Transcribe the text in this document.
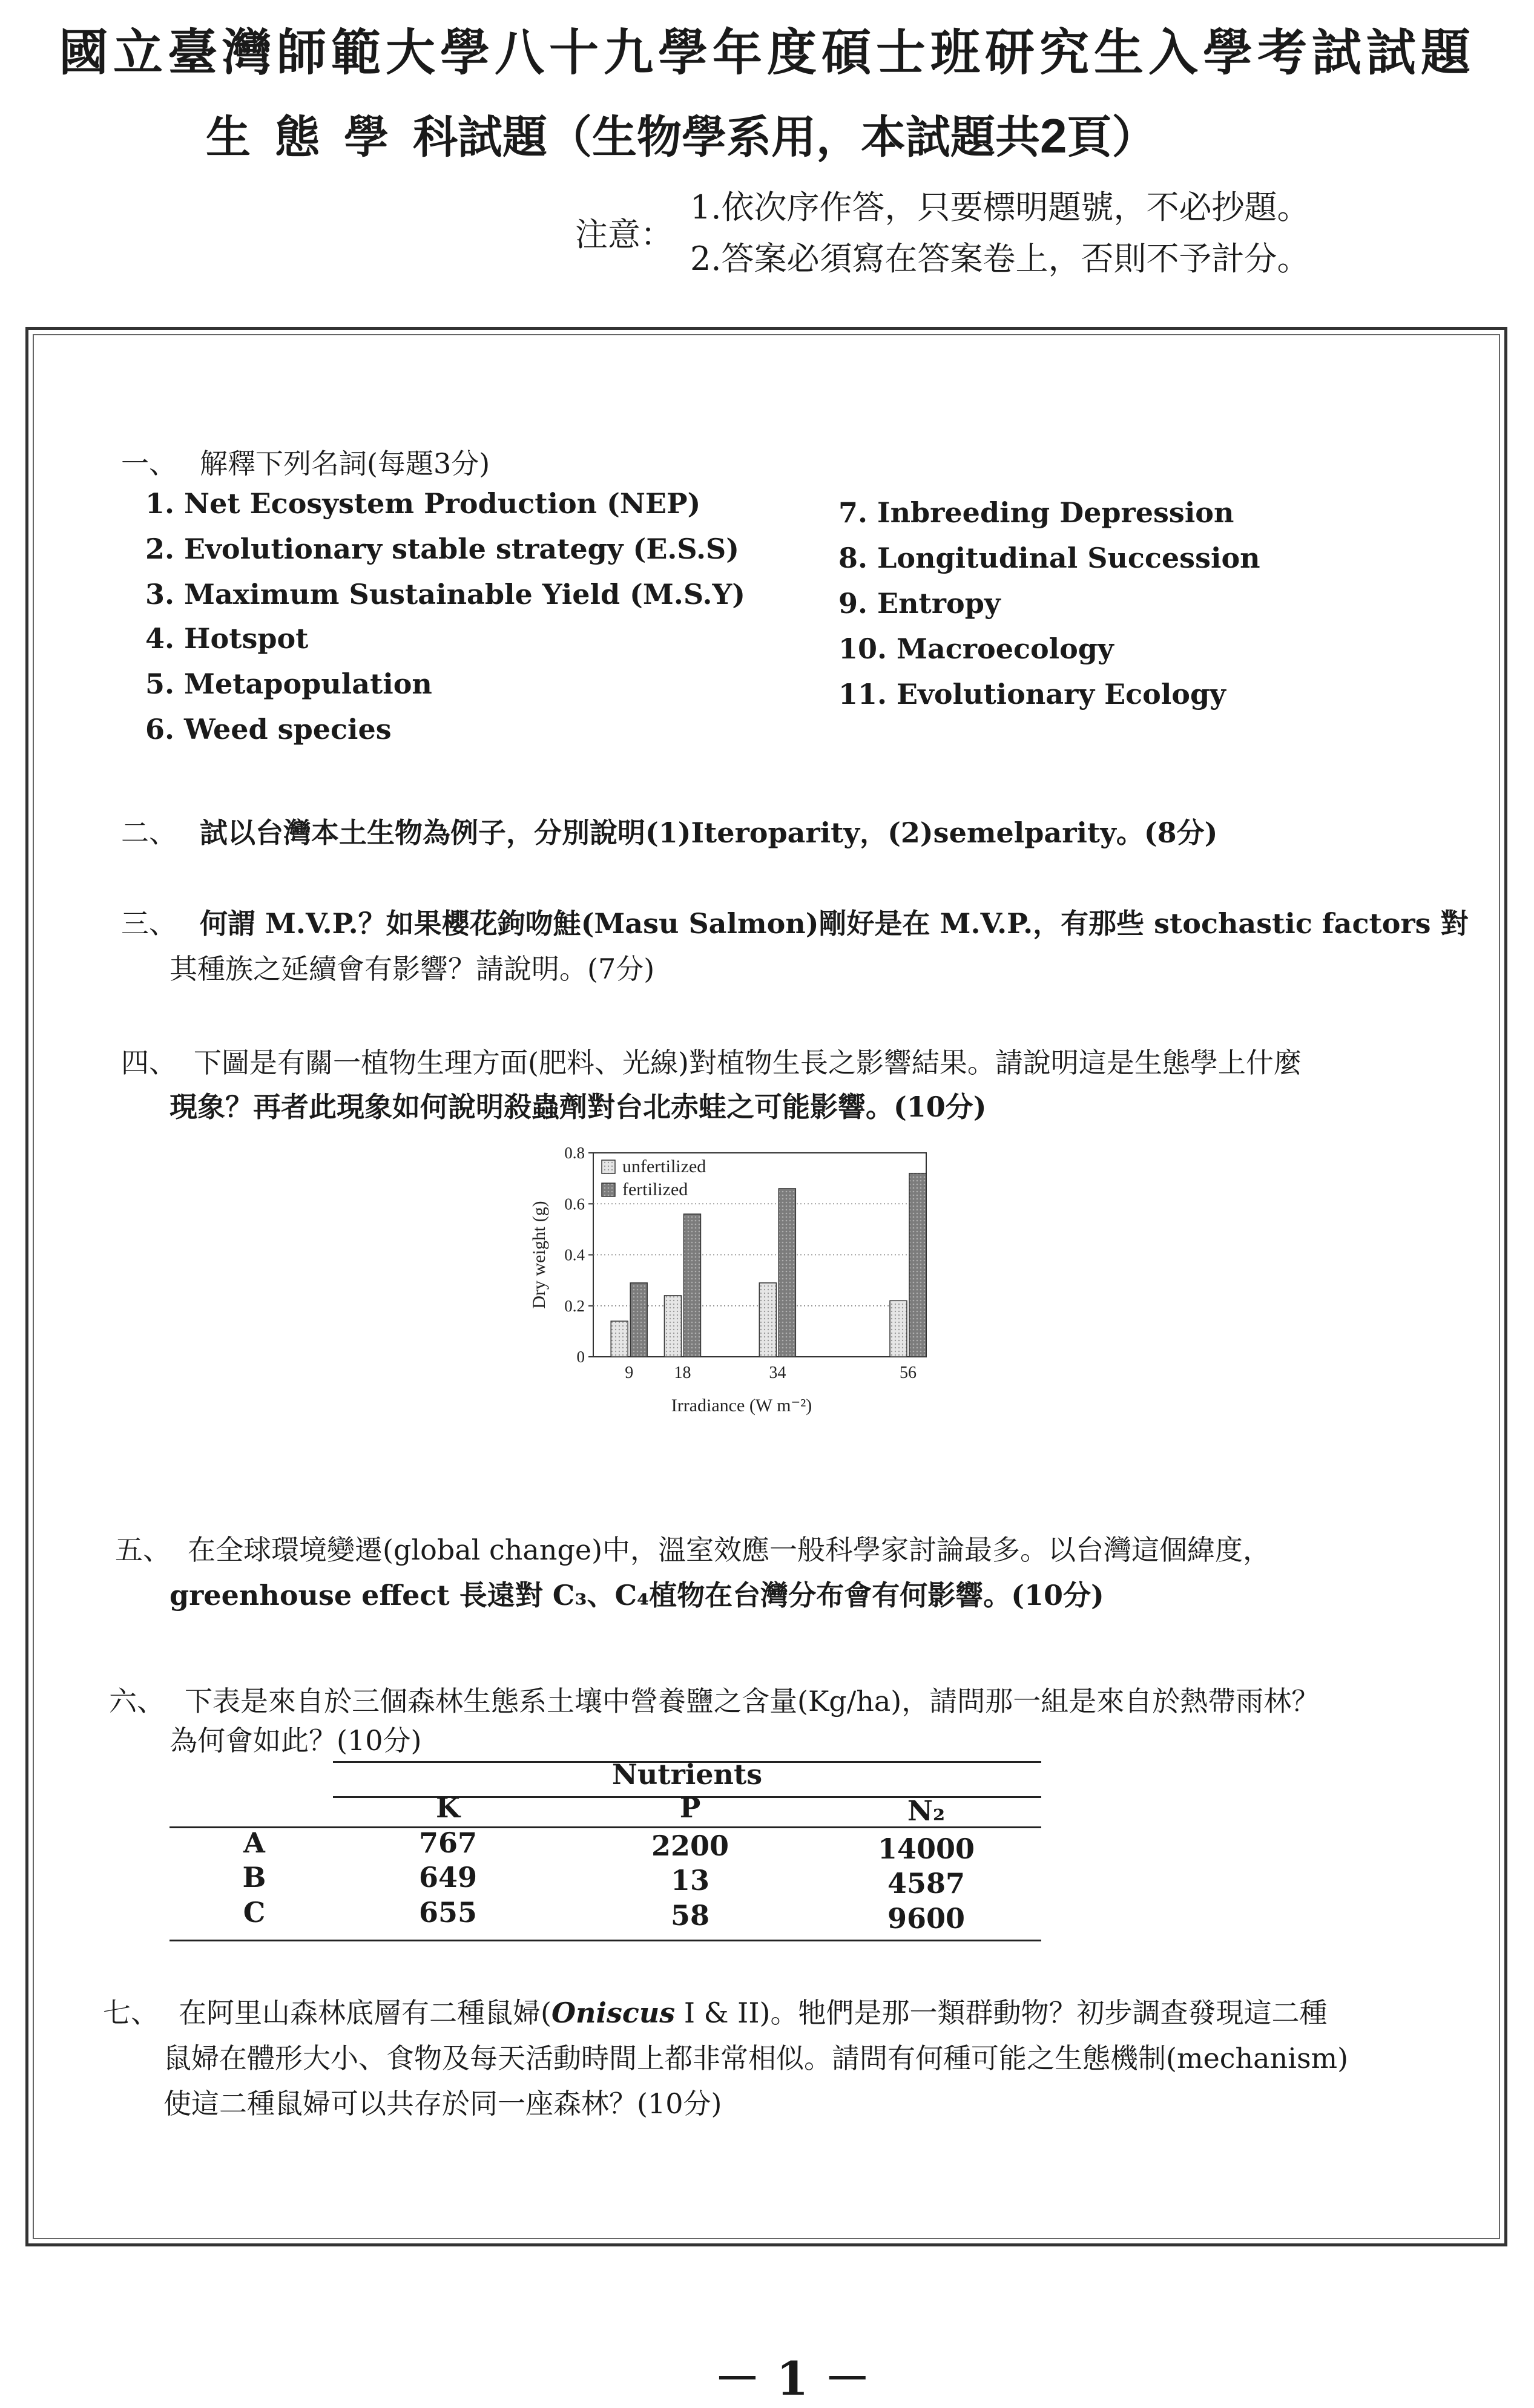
國立臺灣師範大學八十九學年度碩士班研究生入學考試試題
生態學科試題（生物學系用，本試題共2頁）
注意：
1.依次序作答，只要標明題號，不必抄題。
2.答案必須寫在答案卷上，否則不予計分。
一、 解釋下列名詞(每題3分)
1. Net Ecosystem Production (NEP)
2. Evolutionary stable strategy (E.S.S)
3. Maximum Sustainable Yield (M.S.Y)
4. Hotspot
5. Metapopulation
6. Weed species
7. Inbreeding Depression
8. Longitudinal Succession
9. Entropy
10. Macroecology
11. Evolutionary Ecology
二、 試以台灣本土生物為例子，分別說明(1)Iteroparity，(2)semelparity。(8分)
三、 何謂 M.V.P.？如果櫻花鉤吻鮭(Masu Salmon)剛好是在 M.V.P.，有那些 stochastic factors 對
其種族之延續會有影響？請說明。(7分)
四、 下圖是有關一植物生理方面(肥料、光線)對植物生長之影響結果。請說明這是生態學上什麼
現象？再者此現象如何說明殺蟲劑對台北赤蛙之可能影響。(10分)
0
0.2
0.4
0.6
0.8
9 18	34	56
unfertilized
fertilized
Dry weight (g)
Irradiance (W m⁻²)
五、 在全球環境變遷(global change)中，溫室效應一般科學家討論最多。以台灣這個緯度，
greenhouse effect 長遠對 C₃、C₄植物在台灣分布會有何影響。(10分)
六、 下表是來自於三個森林生態系土壤中營養鹽之含量(Kg/ha)，請問那一組是來自於熱帶雨林？
為何會如此？(10分)
Nutrients
K	P	N₂
A	767	2200	14000
B	649	13	4587
C	655	58	9600
七、 在阿里山森林底層有二種鼠婦(Oniscus I & II)。牠們是那一類群動物？初步調查發現這二種
鼠婦在體形大小、食物及每天活動時間上都非常相似。請問有何種可能之生態機制(mechanism)
使這二種鼠婦可以共存於同一座森林？(10分)
－ 1 －
